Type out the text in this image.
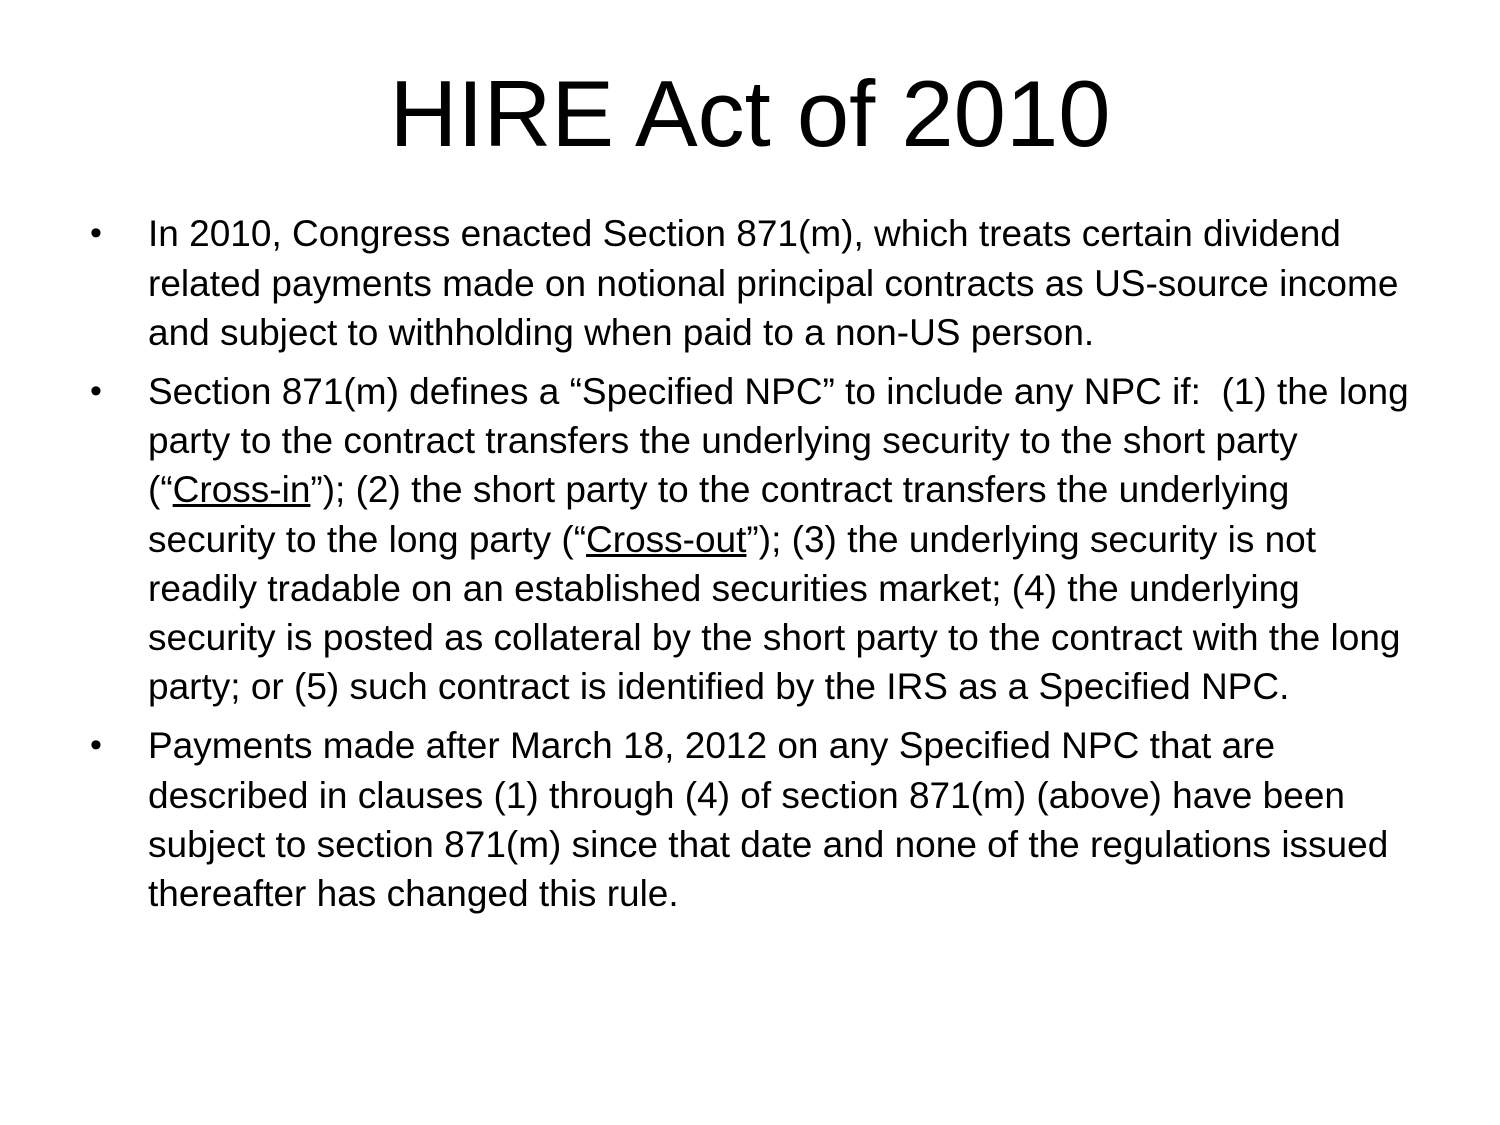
HIRE Act of 2010
• In 2010, Congress enacted Section 871(m), which treats certain dividend related payments made on notional principal contracts as US-source income and subject to withholding when paid to a non-US person.
• Section 871(m) defines a “Specified NPC” to include any NPC if:  (1) the long party to the contract transfers the underlying security to the short party (“Cross-in”); (2) the short party to the contract transfers the underlying security to the long party (“Cross-out”); (3) the underlying security is not readily tradable on an established securities market; (4) the underlying security is posted as collateral by the short party to the contract with the long party; or (5) such contract is identified by the IRS as a Specified NPC.
• Payments made after March 18, 2012 on any Specified NPC that are described in clauses (1) through (4) of section 871(m) (above) have been subject to section 871(m) since that date and none of the regulations issued thereafter has changed this rule.
